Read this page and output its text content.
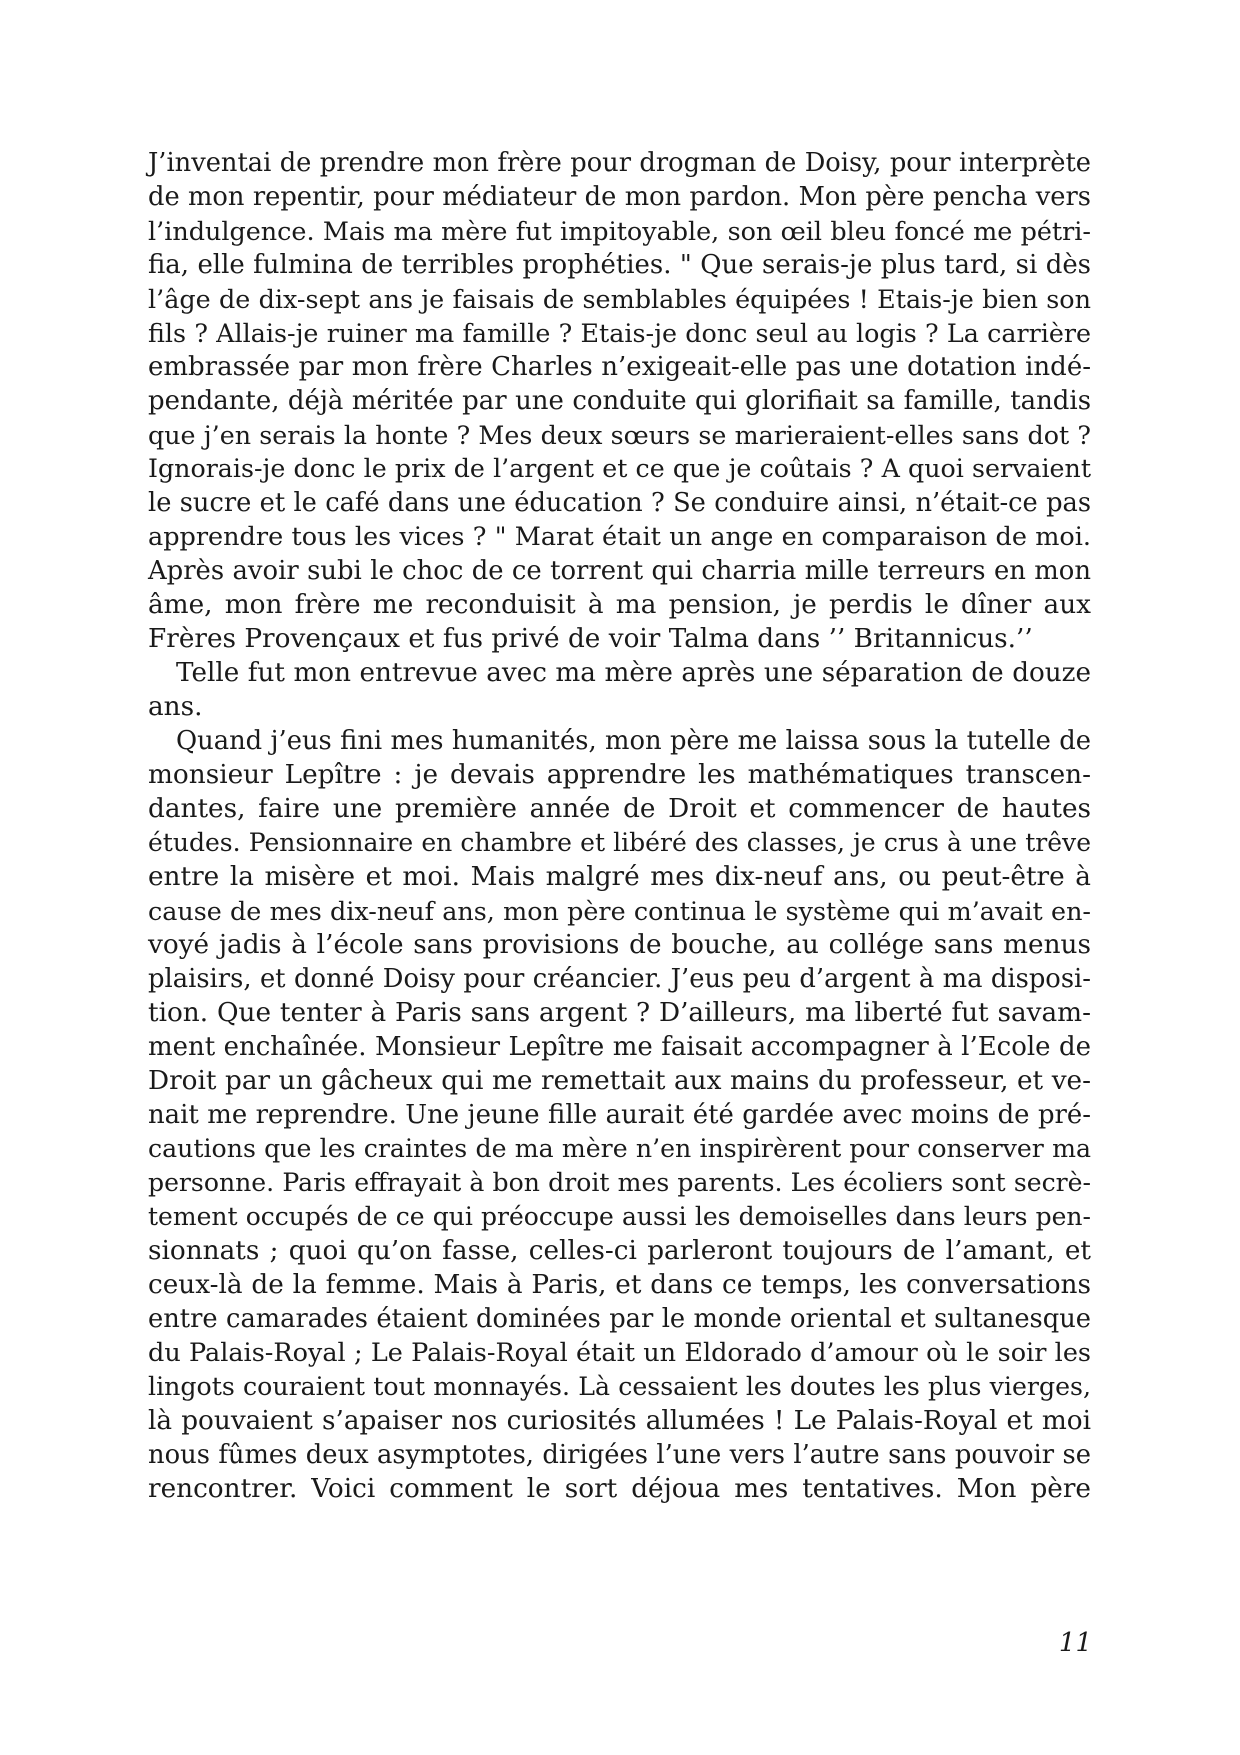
J’inventai de prendre mon frère pour drogman de Doisy, pour interprète
de mon repentir, pour médiateur de mon pardon. Mon père pencha vers
l’indulgence. Mais ma mère fut impitoyable, son œil bleu foncé me pétri-
fia, elle fulmina de terribles prophéties. " Que serais-je plus tard, si dès
l’âge de dix-sept ans je faisais de semblables équipées ! Etais-je bien son
fils ? Allais-je ruiner ma famille ? Etais-je donc seul au logis ? La carrière
embrassée par mon frère Charles n’exigeait-elle pas une dotation indé-
pendante, déjà méritée par une conduite qui glorifiait sa famille, tandis
que j’en serais la honte ? Mes deux sœurs se marieraient-elles sans dot ?
Ignorais-je donc le prix de l’argent et ce que je coûtais ? A quoi servaient
le sucre et le café dans une éducation ? Se conduire ainsi, n’était-ce pas
apprendre tous les vices ? " Marat était un ange en comparaison de moi.
Après avoir subi le choc de ce torrent qui charria mille terreurs en mon
âme, mon frère me reconduisit à ma pension, je perdis le dîner aux
Frères Provençaux et fus privé de voir Talma dans ’’ Britannicus.’’
Telle fut mon entrevue avec ma mère après une séparation de douze
ans.
Quand j’eus fini mes humanités, mon père me laissa sous la tutelle de
monsieur Lepître : je devais apprendre les mathématiques transcen-
dantes, faire une première année de Droit et commencer de hautes
études. Pensionnaire en chambre et libéré des classes, je crus à une trêve
entre la misère et moi. Mais malgré mes dix-neuf ans, ou peut-être à
cause de mes dix-neuf ans, mon père continua le système qui m’avait en-
voyé jadis à l’école sans provisions de bouche, au collége sans menus
plaisirs, et donné Doisy pour créancier. J’eus peu d’argent à ma disposi-
tion. Que tenter à Paris sans argent ? D’ailleurs, ma liberté fut savam-
ment enchaînée. Monsieur Lepître me faisait accompagner à l’Ecole de
Droit par un gâcheux qui me remettait aux mains du professeur, et ve-
nait me reprendre. Une jeune fille aurait été gardée avec moins de pré-
cautions que les craintes de ma mère n’en inspirèrent pour conserver ma
personne. Paris effrayait à bon droit mes parents. Les écoliers sont secrè-
tement occupés de ce qui préoccupe aussi les demoiselles dans leurs pen-
sionnats ; quoi qu’on fasse, celles-ci parleront toujours de l’amant, et
ceux-là de la femme. Mais à Paris, et dans ce temps, les conversations
entre camarades étaient dominées par le monde oriental et sultanesque
du Palais-Royal ; Le Palais-Royal était un Eldorado d’amour où le soir les
lingots couraient tout monnayés. Là cessaient les doutes les plus vierges,
là pouvaient s’apaiser nos curiosités allumées ! Le Palais-Royal et moi
nous fûmes deux asymptotes, dirigées l’une vers l’autre sans pouvoir se
rencontrer. Voici comment le sort déjoua mes tentatives. Mon père
11
